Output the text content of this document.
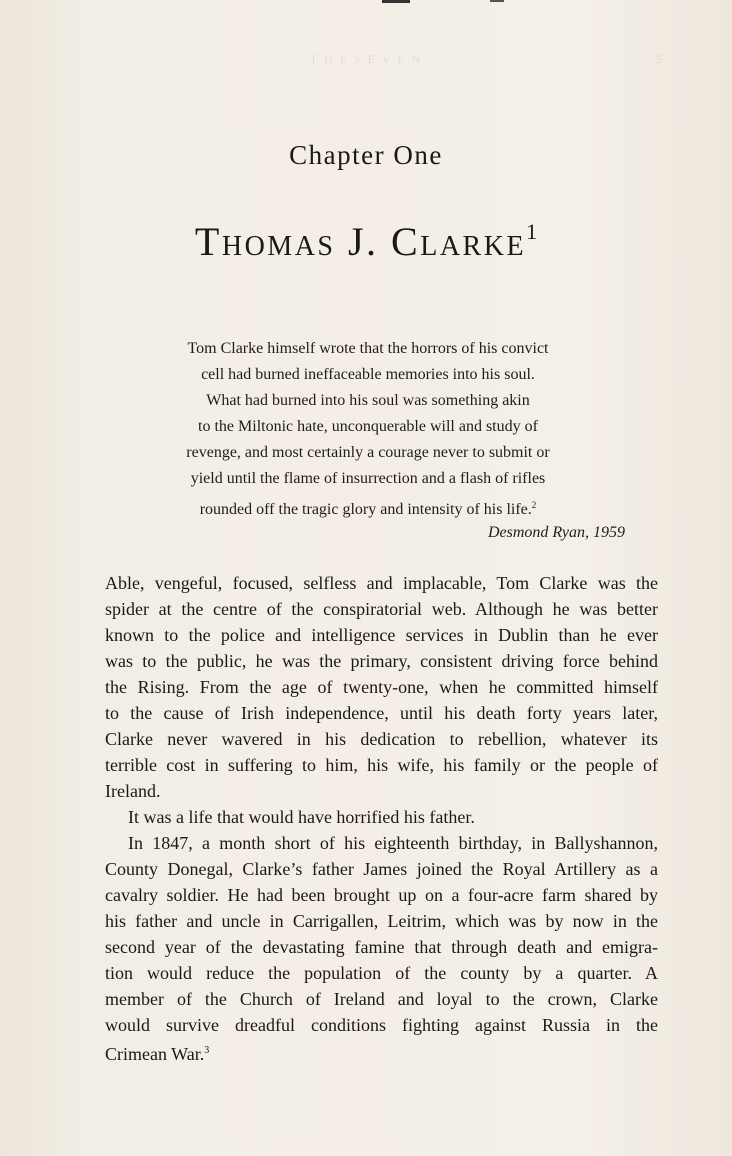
T H E S E V E N	5
Chapter One
Thomas J. Clarke$^1$
Tom Clarke himself wrote that the horrors of his convict
cell had burned ineffaceable memories into his soul.
What had burned into his soul was something akin
to the Miltonic hate, unconquerable will and study of
revenge, and most certainly a courage never to submit or
yield until the flame of insurrection and a flash of rifles
rounded off the tragic glory and intensity of his life.$^2$
Desmond Ryan, 1959
Able, vengeful, focused, selfless and implacable, Tom Clarke was the
spider at the centre of the conspiratorial web. Although he was better
known to the police and intelligence services in Dublin than he ever
was to the public, he was the primary, consistent driving force behind
the Rising. From the age of twenty-one, when he committed himself
to the cause of Irish independence, until his death forty years later,
Clarke never wavered in his dedication to rebellion, whatever its
terrible cost in suffering to him, his wife, his family or the people of
Ireland.
It was a life that would have horrified his father.
In 1847, a month short of his eighteenth birthday, in Ballyshannon,
County Donegal, Clarke’s father James joined the Royal Artillery as a
cavalry soldier. He had been brought up on a four-acre farm shared by
his father and uncle in Carrigallen, Leitrim, which was by now in the
second year of the devastating famine that through death and emigra-
tion would reduce the population of the county by a quarter. A
member of the Church of Ireland and loyal to the crown, Clarke
would survive dreadful conditions fighting against Russia in the
Crimean War.$^3$
